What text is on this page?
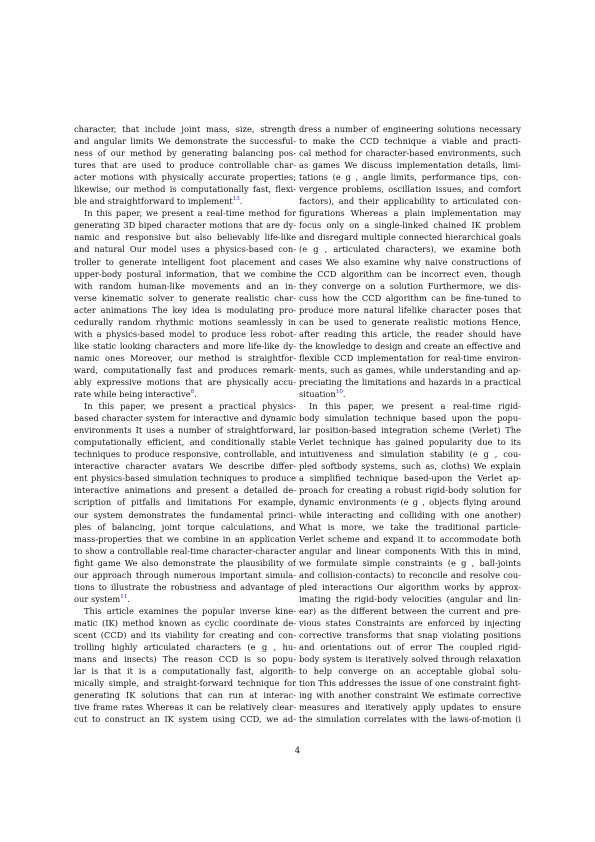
character, that include joint mass, size, strength
and angular limits We demonstrate the successful-
ness of our method by generating balancing pos-
tures that are used to produce controllable char-
acter motions with physically accurate properties;
likewise, our method is computationally fast, flexi-
ble and straightforward to implement$^{13}$.
In this paper, we present a real-time method for
generating 3D biped character motions that are dy-
namic and responsive but also believably life-like
and natural Our model uses a physics-based con-
troller to generate intelligent foot placement and
upper-body postural information, that we combine
with random human-like movements and an in-
verse kinematic solver to generate realistic char-
acter animations The key idea is modulating pro-
cedurally random rhythmic motions seamlessly in
with a physics-based model to produce less robot-
like static looking characters and more life-like dy-
namic ones Moreover, our method is straightfor-
ward, computationally fast and produces remark-
ably expressive motions that are physically accu-
rate while being interactive$^8$.
In this paper, we present a practical physics-
based character system for interactive and dynamic
environments It uses a number of straightforward,
computationally efficient, and conditionally stable
techniques to produce responsive, controllable, and
interactive character avatars We describe differ-
ent physics-based simulation techniques to produce
interactive animations and present a detailed de-
scription of pitfalls and limitations For example,
our system demonstrates the fundamental princi-
ples of balancing, joint torque calculations, and
mass-properties that we combine in an application
to show a controllable real-time character-character
fight game We also demonstrate the plausibility of
our approach through numerous important simula-
tions to illustrate the robustness and advantage of
our system$^{11}$.
This article examines the popular inverse kine-
matic (IK) method known as cyclic coordinate de-
scent (CCD) and its viability for creating and con-
trolling highly articulated characters (e g , hu-
mans and insects) The reason CCD is so popu-
lar is that it is a computationally fast, algorith-
mically simple, and straight-forward technique for
generating IK solutions that can run at interac-
tive frame rates Whereas it can be relatively clear-
cut to construct an IK system using CCD, we ad-
dress a number of engineering solutions necessary
to make the CCD technique a viable and practi-
cal method for character-based environments, such
as games We discuss implementation details, limi-
tations (e g , angle limits, performance tips, con-
vergence problems, oscillation issues, and comfort
factors), and their applicability to articulated con-
figurations Whereas a plain implementation may
focus only on a single-linked chained IK problem
and disregard multiple connected hierarchical goals
(e g , articulated characters), we examine both
cases We also examine why naive constructions of
the CCD algorithm can be incorrect even, though
they converge on a solution Furthermore, we dis-
cuss how the CCD algorithm can be fine-tuned to
produce more natural lifelike character poses that
can be used to generate realistic motions Hence,
after reading this article, the reader should have
the knowledge to design and create an effective and
flexible CCD implementation for real-time environ-
ments, such as games, while understanding and ap-
preciating the limitations and hazards in a practical
situation$^{10}$.
In this paper, we present a real-time rigid-
body simulation technique based upon the popu-
lar position-based integration scheme (Verlet) The
Verlet technique has gained popularity due to its
intuitiveness and simulation stability (e g , cou-
pled softbody systems, such as, cloths) We explain
a simplified technique based-upon the Verlet ap-
proach for creating a robust rigid-body solution for
dynamic environments (e g , objects flying around
while interacting and colliding with one another)
What is more, we take the traditional particle-
Verlet scheme and expand it to accommodate both
angular and linear components With this in mind,
we formulate simple constraints (e g , ball-joints
and collision-contacts) to reconcile and resolve cou-
pled interactions Our algorithm works by approx-
imating the rigid-body velocities (angular and lin-
ear) as the different between the current and pre-
vious states Constraints are enforced by injecting
corrective transforms that snap violating positions
and orientations out of error The coupled rigid-
body system is iteratively solved through relaxation
to help converge on an acceptable global solu-
tion This addresses the issue of one constraint fight-
ing with another constraint We estimate corrective
measures and iteratively apply updates to ensure
the simulation correlates with the laws-of-motion (i
4
